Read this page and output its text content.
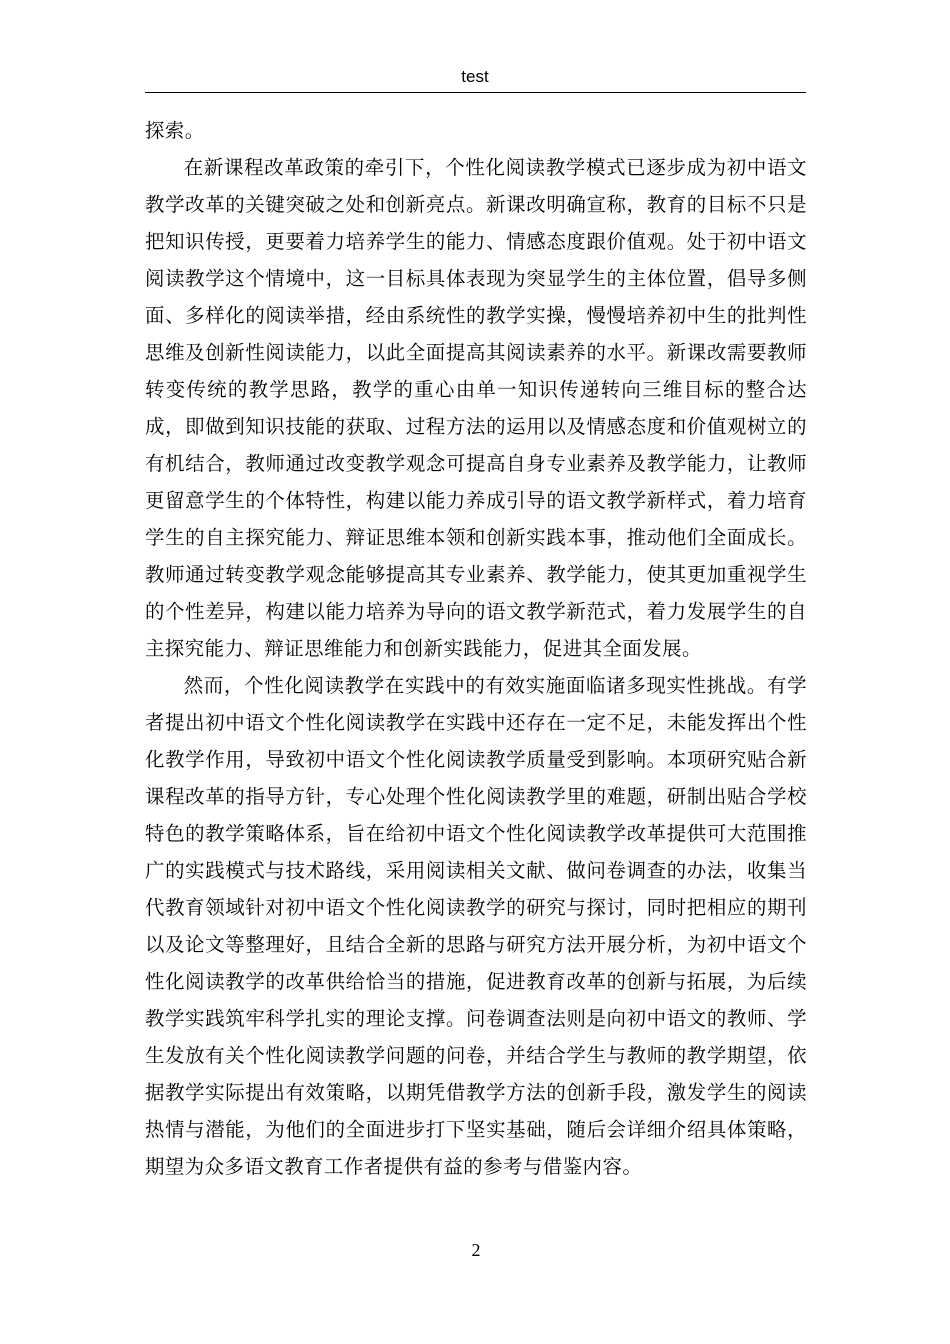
test

探索。

在新课程改革政策的牵引下，个性化阅读教学模式已逐步成为初中语文教学改革的关键突破之处和创新亮点。新课改明确宣称，教育的目标不只是把知识传授，更要着力培养学生的能力、情感态度跟价值观。处于初中语文阅读教学这个情境中，这一目标具体表现为突显学生的主体位置，倡导多侧面、多样化的阅读举措，经由系统性的教学实操，慢慢培养初中生的批判性思维及创新性阅读能力，以此全面提高其阅读素养的水平。新课改需要教师转变传统的教学思路，教学的重心由单一知识传递转向三维目标的整合达成，即做到知识技能的获取、过程方法的运用以及情感态度和价值观树立的有机结合，教师通过改变教学观念可提高自身专业素养及教学能力，让教师更留意学生的个体特性，构建以能力养成引导的语文教学新样式，着力培育学生的自主探究能力、辩证思维本领和创新实践本事，推动他们全面成长。教师通过转变教学观念能够提高其专业素养、教学能力，使其更加重视学生的个性差异，构建以能力培养为导向的语文教学新范式，着力发展学生的自主探究能力、辩证思维能力和创新实践能力，促进其全面发展。

然而，个性化阅读教学在实践中的有效实施面临诸多现实性挑战。有学者提出初中语文个性化阅读教学在实践中还存在一定不足，未能发挥出个性化教学作用，导致初中语文个性化阅读教学质量受到影响。本项研究贴合新课程改革的指导方针，专心处理个性化阅读教学里的难题，研制出贴合学校特色的教学策略体系，旨在给初中语文个性化阅读教学改革提供可大范围推广的实践模式与技术路线，采用阅读相关文献、做问卷调查的办法，收集当代教育领域针对初中语文个性化阅读教学的研究与探讨，同时把相应的期刊以及论文等整理好，且结合全新的思路与研究方法开展分析，为初中语文个性化阅读教学的改革供给恰当的措施，促进教育改革的创新与拓展，为后续教学实践筑牢科学扎实的理论支撑。问卷调查法则是向初中语文的教师、学生发放有关个性化阅读教学问题的问卷，并结合学生与教师的教学期望，依据教学实际提出有效策略，以期凭借教学方法的创新手段，激发学生的阅读热情与潜能，为他们的全面进步打下坚实基础，随后会详细介绍具体策略，期望为众多语文教育工作者提供有益的参考与借鉴内容。

2
